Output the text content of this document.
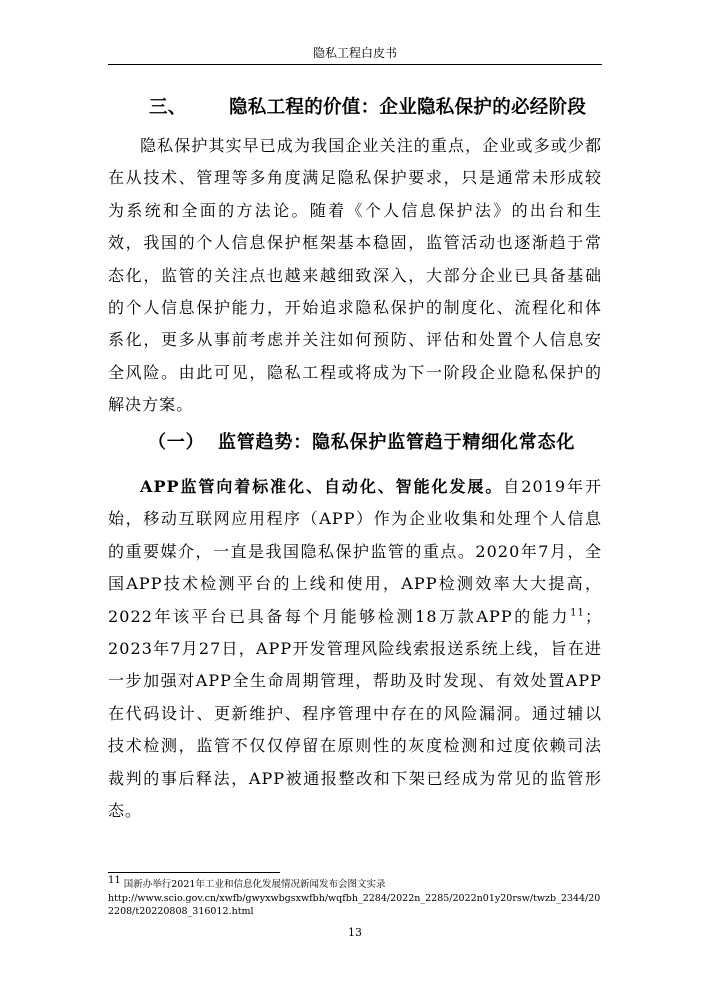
隐私工程白皮书
三、	隐私工程的价值：企业隐私保护的必经阶段

隐私保护其实早已成为我国企业关注的重点，企业或多或少都在从技术、管理等多角度满足隐私保护要求，只是通常未形成较为系统和全面的方法论。随着《个人信息保护法》的出台和生效，我国的个人信息保护框架基本稳固，监管活动也逐渐趋于常态化，监管的关注点也越来越细致深入，大部分企业已具备基础的个人信息保护能力，开始追求隐私保护的制度化、流程化和体系化，更多从事前考虑并关注如何预防、评估和处置个人信息安全风险。由此可见，隐私工程或将成为下一阶段企业隐私保护的解决方案。

（一） 监管趋势：隐私保护监管趋于精细化常态化

APP监管向着标准化、自动化、智能化发展。自2019年开始，移动互联网应用程序（APP）作为企业收集和处理个人信息的重要媒介，一直是我国隐私保护监管的重点。2020年7月，全国APP技术检测平台的上线和使用，APP检测效率大大提高，2022年该平台已具备每个月能够检测18万款APP的能力$^{11}$；2023年7月27日，APP开发管理风险线索报送系统上线，旨在进一步加强对APP全生命周期管理，帮助及时发现、有效处置APP在代码设计、更新维护、程序管理中存在的风险漏洞。通过辅以技术检测，监管不仅仅停留在原则性的灰度检测和过度依赖司法裁判的事后释法，APP被通报整改和下架已经成为常见的监管形态。

$^{11}$ 国新办举行2021年工业和信息化发展情况新闻发布会图文实录
http://www.scio.gov.cn/xwfb/gwyxwbgsxwfbh/wqfbh_2284/2022n_2285/2022n01y20rsw/twzb_2344/202208/t20220808_316012.html
13
